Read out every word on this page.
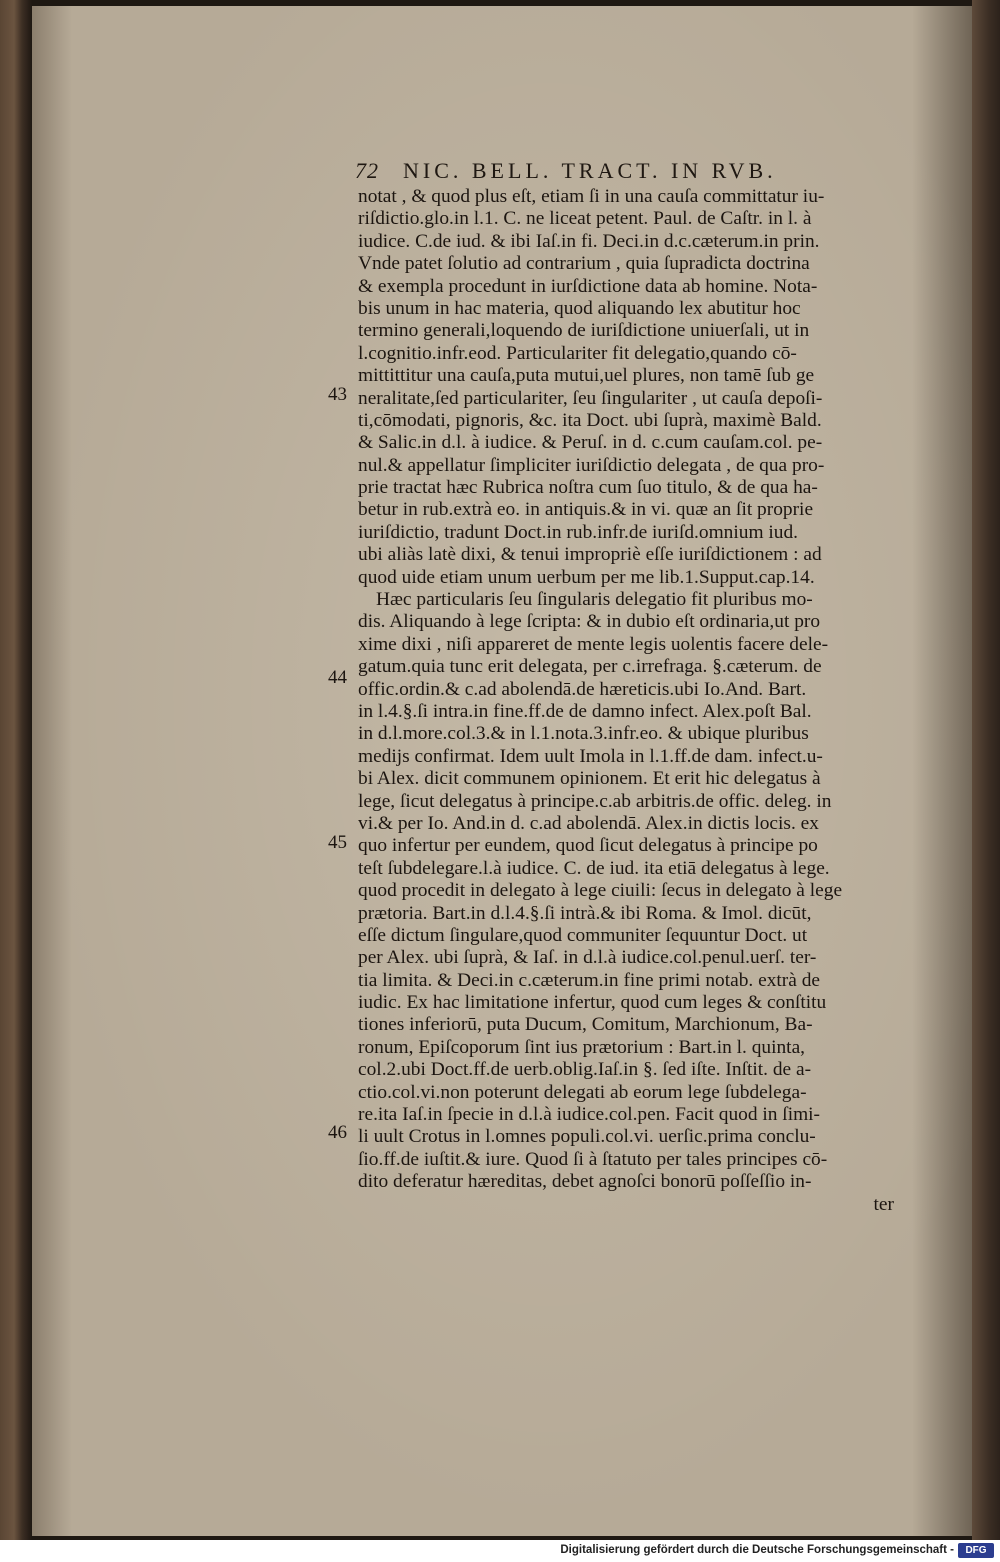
72 NIC. BELL. TRACT. IN RVB.
43
44
45
46
notat , & quod plus eſt, etiam ſi in una cauſa committatur iu-
riſdictio.glo.in l.1. C. ne liceat petent. Paul. de Caſtr. in l. à
iudice. C.de iud. & ibi Iaſ.in fi. Deci.in d.c.cæterum.in prin.
Vnde patet ſolutio ad contrarium , quia ſupradicta doctrina
& exempla procedunt in iurſdictione data ab homine. Nota-
bis unum in hac materia, quod aliquando lex abutitur hoc
termino generali,loquendo de iuriſdictione uniuerſali, ut in
l.cognitio.infr.eod. Particulariter fit delegatio,quando cō-
mittittitur una cauſa,puta mutui,uel plures, non tamē ſub ge
neralitate,ſed particulariter, ſeu ſingulariter , ut cauſa depoſi-
ti,cōmodati, pignoris, &c. ita Doct. ubi ſuprà, maximè Bald.
& Salic.in d.l. à iudice. & Peruſ. in d. c.cum cauſam.col. pe-
nul.& appellatur ſimpliciter iuriſdictio delegata , de qua pro-
prie tractat hæc Rubrica noſtra cum ſuo titulo, & de qua ha-
betur in rub.extrà eo. in antiquis.& in vi. quæ an ſit proprie
iuriſdictio, tradunt Doct.in rub.infr.de iuriſd.omnium iud.
ubi aliàs latè dixi, & tenui impropriè eſſe iuriſdictionem : ad
quod uide etiam unum uerbum per me lib.1.Supput.cap.14.
Hæc particularis ſeu ſingularis delegatio fit pluribus mo-
dis. Aliquando à lege ſcripta: & in dubio eſt ordinaria,ut pro
xime dixi , niſi appareret de mente legis uolentis facere dele-
gatum.quia tunc erit delegata, per c.irrefraga. §.cæterum. de
offic.ordin.& c.ad abolendā.de hæreticis.ubi Io.And. Bart.
in l.4.§.ſi intra.in fine.ff.de de damno infect. Alex.poſt Bal.
in d.l.more.col.3.& in l.1.nota.3.infr.eo. & ubique pluribus
medijs confirmat. Idem uult Imola in l.1.ff.de dam. infect.u-
bi Alex. dicit communem opinionem. Et erit hic delegatus à
lege, ſicut delegatus à principe.c.ab arbitris.de offic. deleg. in
vi.& per Io. And.in d. c.ad abolendā. Alex.in dictis locis. ex
quo infertur per eundem, quod ſicut delegatus à principe po
teſt ſubdelegare.l.à iudice. C. de iud. ita etiā delegatus à lege.
quod procedit in delegato à lege ciuili: ſecus in delegato à lege
prætoria. Bart.in d.l.4.§.ſi intrà.& ibi Roma. & Imol. dicūt,
eſſe dictum ſingulare,quod communiter ſequuntur Doct. ut
per Alex. ubi ſuprà, & Iaſ. in d.l.à iudice.col.penul.uerſ. ter-
tia limita. & Deci.in c.cæterum.in fine primi notab. extrà de
iudic. Ex hac limitatione infertur, quod cum leges & conſtitu
tiones inferiorū, puta Ducum, Comitum, Marchionum, Ba-
ronum, Epiſcoporum ſint ius prætorium : Bart.in l. quinta,
col.2.ubi Doct.ff.de uerb.oblig.Iaſ.in §. ſed iſte. Inſtit. de a-
ctio.col.vi.non poterunt delegati ab eorum lege ſubdelega-
re.ita Iaſ.in ſpecie in d.l.à iudice.col.pen. Facit quod in ſimi-
li uult Crotus in l.omnes populi.col.vi. uerſic.prima conclu-
ſio.ff.de iuſtit.& iure. Quod ſi à ſtatuto per tales principes cō-
dito deferatur hæreditas, debet agnoſci bonorū poſſeſſio in-
ter
Digitalisierung gefördert durch die Deutsche Forschungsgemeinschaft -	DFG
